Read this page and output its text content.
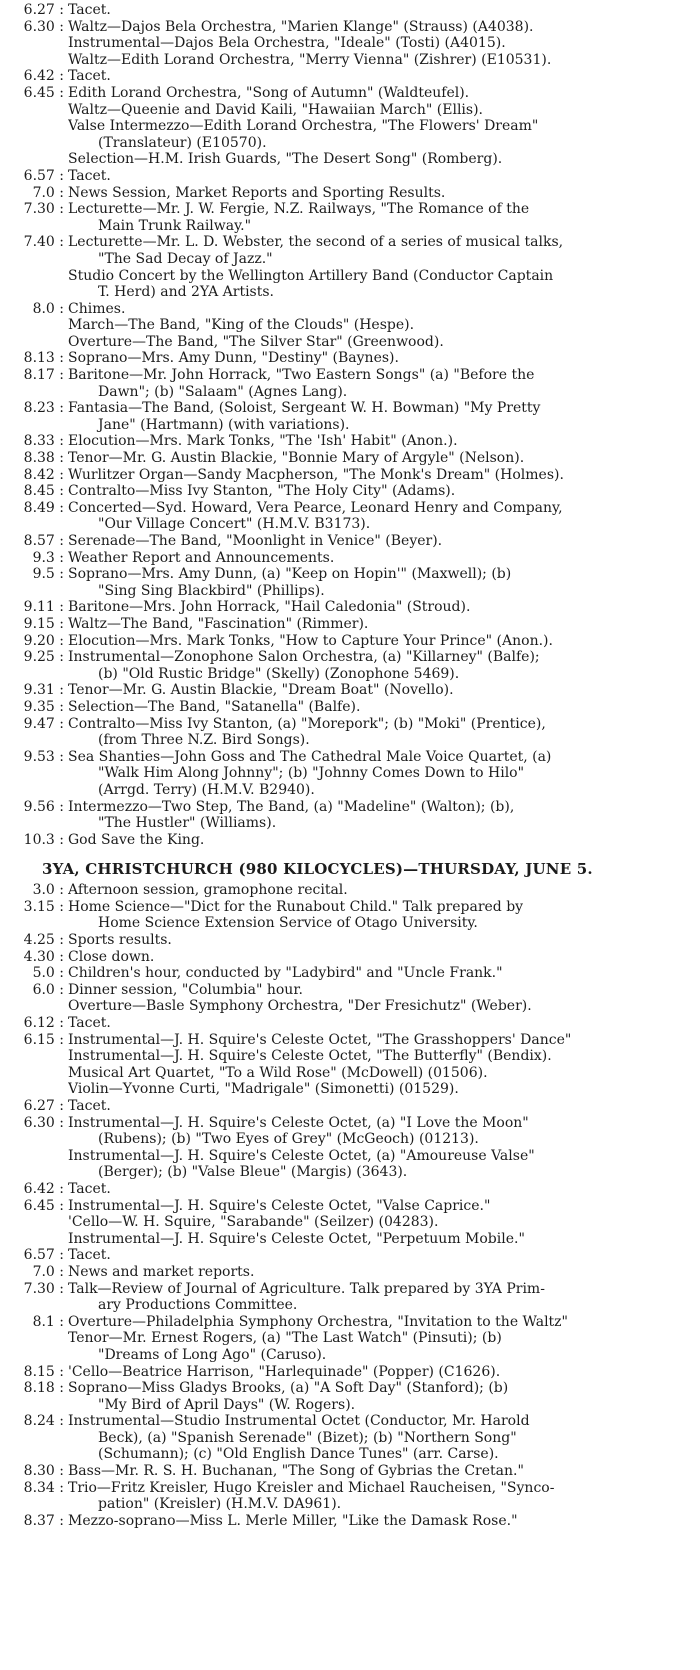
6.27 : Tacet.
6.30 : Waltz—Dajos Bela Orchestra, "Marien Klange" (Strauss) (A4038).
Instrumental—Dajos Bela Orchestra, "Ideale" (Tosti) (A4015).
Waltz—Edith Lorand Orchestra, "Merry Vienna" (Zishrer) (E10531).
6.42 : Tacet.
6.45 : Edith Lorand Orchestra, "Song of Autumn" (Waldteufel).
Waltz—Queenie and David Kaili, "Hawaiian March" (Ellis).
Valse Intermezzo—Edith Lorand Orchestra, "The Flowers' Dream"
(Translateur) (E10570).
Selection—H.M. Irish Guards, "The Desert Song" (Romberg).
6.57 : Tacet.
7.0 : News Session, Market Reports and Sporting Results.
7.30 : Lecturette—Mr. J. W. Fergie, N.Z. Railways, "The Romance of the
Main Trunk Railway."
7.40 : Lecturette—Mr. L. D. Webster, the second of a series of musical talks,
"The Sad Decay of Jazz."
Studio Concert by the Wellington Artillery Band (Conductor Captain
T. Herd) and 2YA Artists.
8.0 : Chimes.
March—The Band, "King of the Clouds" (Hespe).
Overture—The Band, "The Silver Star" (Greenwood).
8.13 : Soprano—Mrs. Amy Dunn, "Destiny" (Baynes).
8.17 : Baritone—Mr. John Horrack, "Two Eastern Songs" (a) "Before the
Dawn"; (b) "Salaam" (Agnes Lang).
8.23 : Fantasia—The Band, (Soloist, Sergeant W. H. Bowman) "My Pretty
Jane" (Hartmann) (with variations).
8.33 : Elocution—Mrs. Mark Tonks, "The 'Ish' Habit" (Anon.).
8.38 : Tenor—Mr. G. Austin Blackie, "Bonnie Mary of Argyle" (Nelson).
8.42 : Wurlitzer Organ—Sandy Macpherson, "The Monk's Dream" (Holmes).
8.45 : Contralto—Miss Ivy Stanton, "The Holy City" (Adams).
8.49 : Concerted—Syd. Howard, Vera Pearce, Leonard Henry and Company,
"Our Village Concert" (H.M.V. B3173).
8.57 : Serenade—The Band, "Moonlight in Venice" (Beyer).
9.3 : Weather Report and Announcements.
9.5 : Soprano—Mrs. Amy Dunn, (a) "Keep on Hopin'" (Maxwell); (b)
"Sing Sing Blackbird" (Phillips).
9.11 : Baritone—Mrs. John Horrack, "Hail Caledonia" (Stroud).
9.15 : Waltz—The Band, "Fascination" (Rimmer).
9.20 : Elocution—Mrs. Mark Tonks, "How to Capture Your Prince" (Anon.).
9.25 : Instrumental—Zonophone Salon Orchestra, (a) "Killarney" (Balfe);
(b) "Old Rustic Bridge" (Skelly) (Zonophone 5469).
9.31 : Tenor—Mr. G. Austin Blackie, "Dream Boat" (Novello).
9.35 : Selection—The Band, "Satanella" (Balfe).
9.47 : Contralto—Miss Ivy Stanton, (a) "Morepork"; (b) "Moki" (Prentice),
(from Three N.Z. Bird Songs).
9.53 : Sea Shanties—John Goss and The Cathedral Male Voice Quartet, (a)
"Walk Him Along Johnny"; (b) "Johnny Comes Down to Hilo"
(Arrgd. Terry) (H.M.V. B2940).
9.56 : Intermezzo—Two Step, The Band, (a) "Madeline" (Walton); (b),
"The Hustler" (Williams).
10.3 : God Save the King.
3YA, CHRISTCHURCH (980 KILOCYCLES)—THURSDAY, JUNE 5.
3.0 : Afternoon session, gramophone recital.
3.15 : Home Science—"Dict for the Runabout Child." Talk prepared by
Home Science Extension Service of Otago University.
4.25 : Sports results.
4.30 : Close down.
5.0 : Children's hour, conducted by "Ladybird" and "Uncle Frank."
6.0 : Dinner session, "Columbia" hour.
Overture—Basle Symphony Orchestra, "Der Fresichutz" (Weber).
6.12 : Tacet.
6.15 : Instrumental—J. H. Squire's Celeste Octet, "The Grasshoppers' Dance"
Instrumental—J. H. Squire's Celeste Octet, "The Butterfly" (Bendix).
Musical Art Quartet, "To a Wild Rose" (McDowell) (01506).
Violin—Yvonne Curti, "Madrigale" (Simonetti) (01529).
6.27 : Tacet.
6.30 : Instrumental—J. H. Squire's Celeste Octet, (a) "I Love the Moon"
(Rubens); (b) "Two Eyes of Grey" (McGeoch) (01213).
Instrumental—J. H. Squire's Celeste Octet, (a) "Amoureuse Valse"
(Berger); (b) "Valse Bleue" (Margis) (3643).
6.42 : Tacet.
6.45 : Instrumental—J. H. Squire's Celeste Octet, "Valse Caprice."
'Cello—W. H. Squire, "Sarabande" (Seilzer) (04283).
Instrumental—J. H. Squire's Celeste Octet, "Perpetuum Mobile."
6.57 : Tacet.
7.0 : News and market reports.
7.30 : Talk—Review of Journal of Agriculture. Talk prepared by 3YA Prim-
ary Productions Committee.
8.1 : Overture—Philadelphia Symphony Orchestra, "Invitation to the Waltz"
Tenor—Mr. Ernest Rogers, (a) "The Last Watch" (Pinsuti); (b)
"Dreams of Long Ago" (Caruso).
8.15 : 'Cello—Beatrice Harrison, "Harlequinade" (Popper) (C1626).
8.18 : Soprano—Miss Gladys Brooks, (a) "A Soft Day" (Stanford); (b)
"My Bird of April Days" (W. Rogers).
8.24 : Instrumental—Studio Instrumental Octet (Conductor, Mr. Harold
Beck), (a) "Spanish Serenade" (Bizet); (b) "Northern Song"
(Schumann); (c) "Old English Dance Tunes" (arr. Carse).
8.30 : Bass—Mr. R. S. H. Buchanan, "The Song of Gybrias the Cretan."
8.34 : Trio—Fritz Kreisler, Hugo Kreisler and Michael Raucheisen, "Synco-
pation" (Kreisler) (H.M.V. DA961).
8.37 : Mezzo-soprano—Miss L. Merle Miller, "Like the Damask Rose."
